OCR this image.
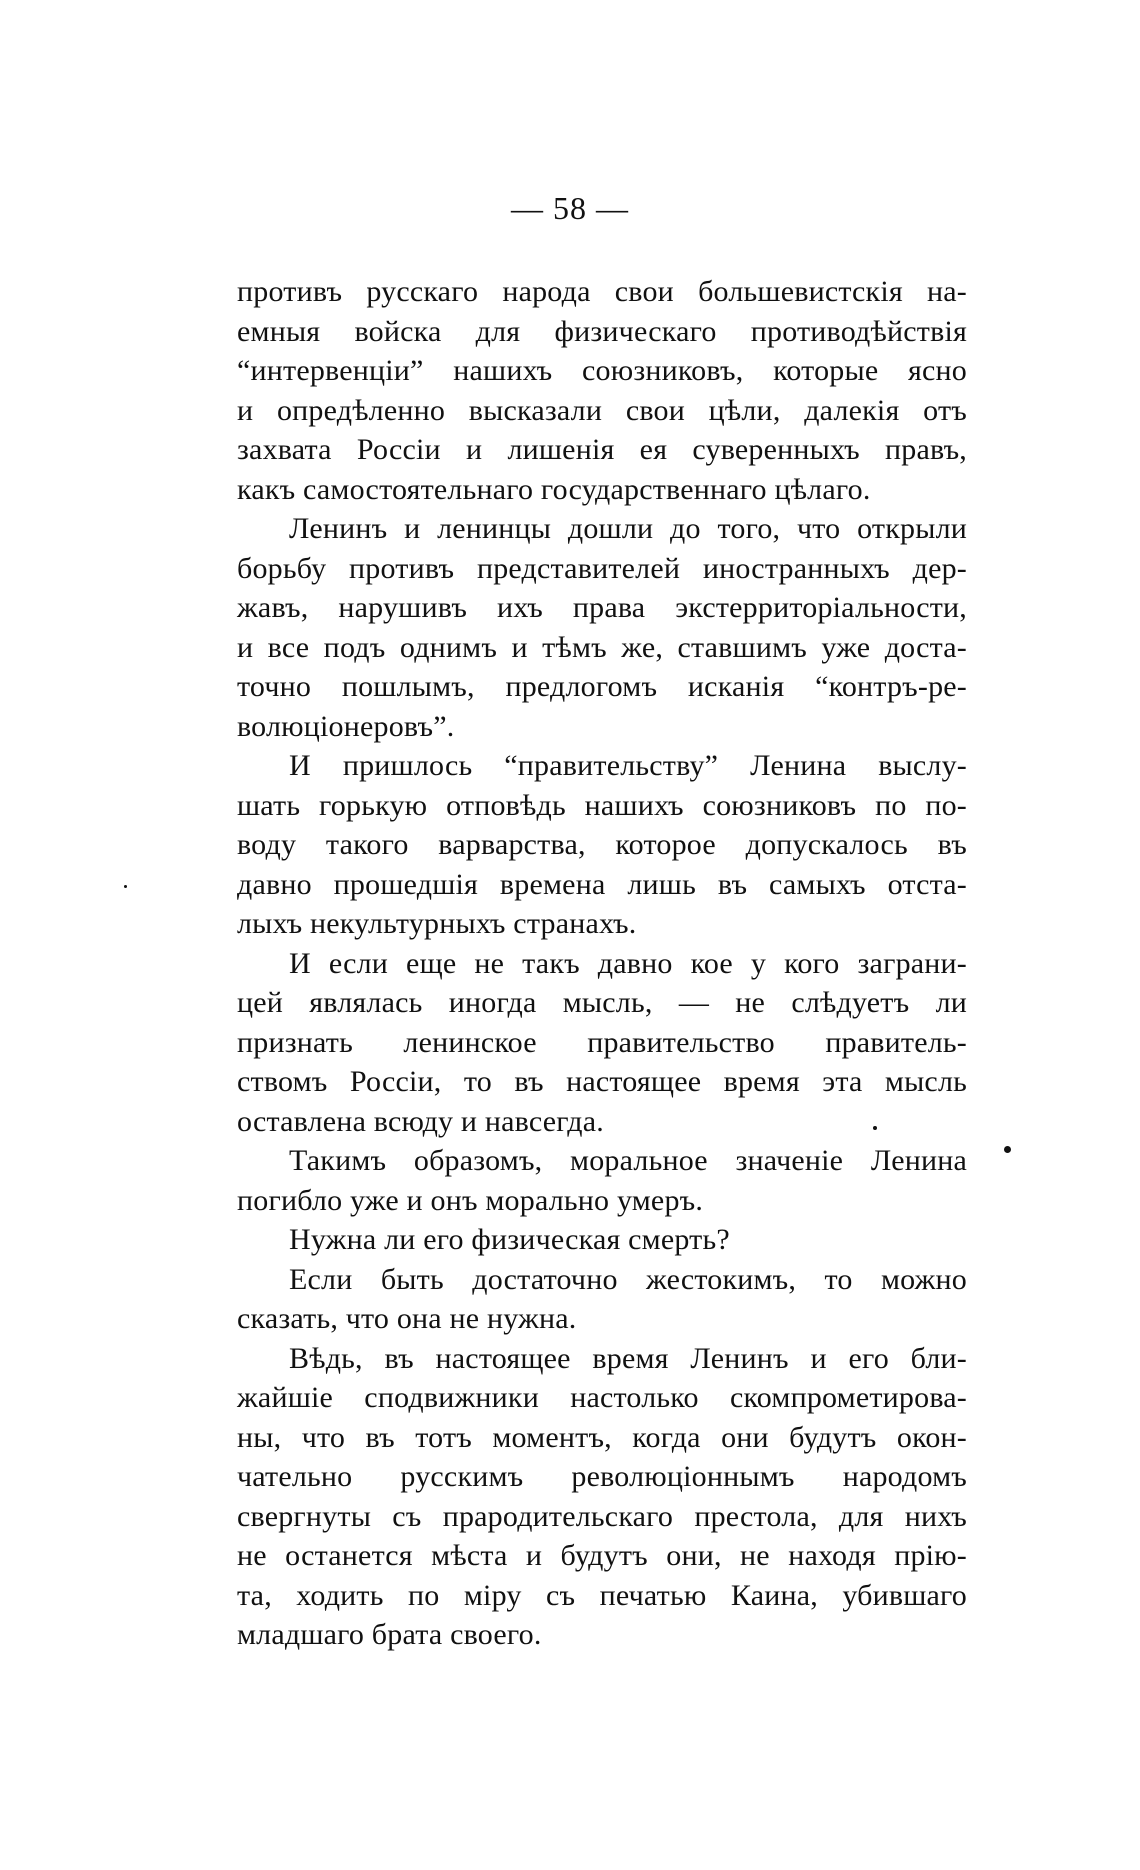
— 58 —
противъ русскаго народа свои большевистскія на-
емныя войска для физическаго противодѣйствія
“интервенціи” нашихъ союзниковъ, которые ясно
и опредѣленно высказали свои цѣли, далекія отъ
захвата Россіи и лишенія ея суверенныхъ правъ,
какъ самостоятельнаго государственнаго цѣлаго.
Ленинъ и ленинцы дошли до того, что открыли
борьбу противъ представителей иностранныхъ дер-
жавъ, нарушивъ ихъ права экстерриторіальности,
и все подъ однимъ и тѣмъ же, ставшимъ уже доста-
точно пошлымъ, предлогомъ исканія “контръ-ре-
волюціонеровъ”.
И пришлось “правительству” Ленина выслу-
шать горькую отповѣдь нашихъ союзниковъ по по-
воду такого варварства, которое допускалось въ
давно прошедшія времена лишь въ самыхъ отста-
лыхъ некультурныхъ странахъ.
И если еще не такъ давно кое у кого заграни-
цей являлась иногда мысль, — не слѣдуетъ ли
признать ленинское правительство правитель-
ствомъ Россіи, то въ настоящее время эта мысль
оставлена всюду и навсегда.
Такимъ образомъ, моральное значеніе Ленина
погибло уже и онъ морально умеръ.
Нужна ли его физическая смерть?
Если быть достаточно жестокимъ, то можно
сказать, что она не нужна.
Вѣдь, въ настоящее время Ленинъ и его бли-
жайшіе сподвижники настолько скомпрометирова-
ны, что въ тотъ моментъ, когда они будутъ окон-
чательно русскимъ революціоннымъ народомъ
свергнуты съ прародительскаго престола, для нихъ
не останется мѣста и будутъ они, не находя прію-
та, ходить по міру съ печатью Каина, убившаго
младшаго брата своего.
